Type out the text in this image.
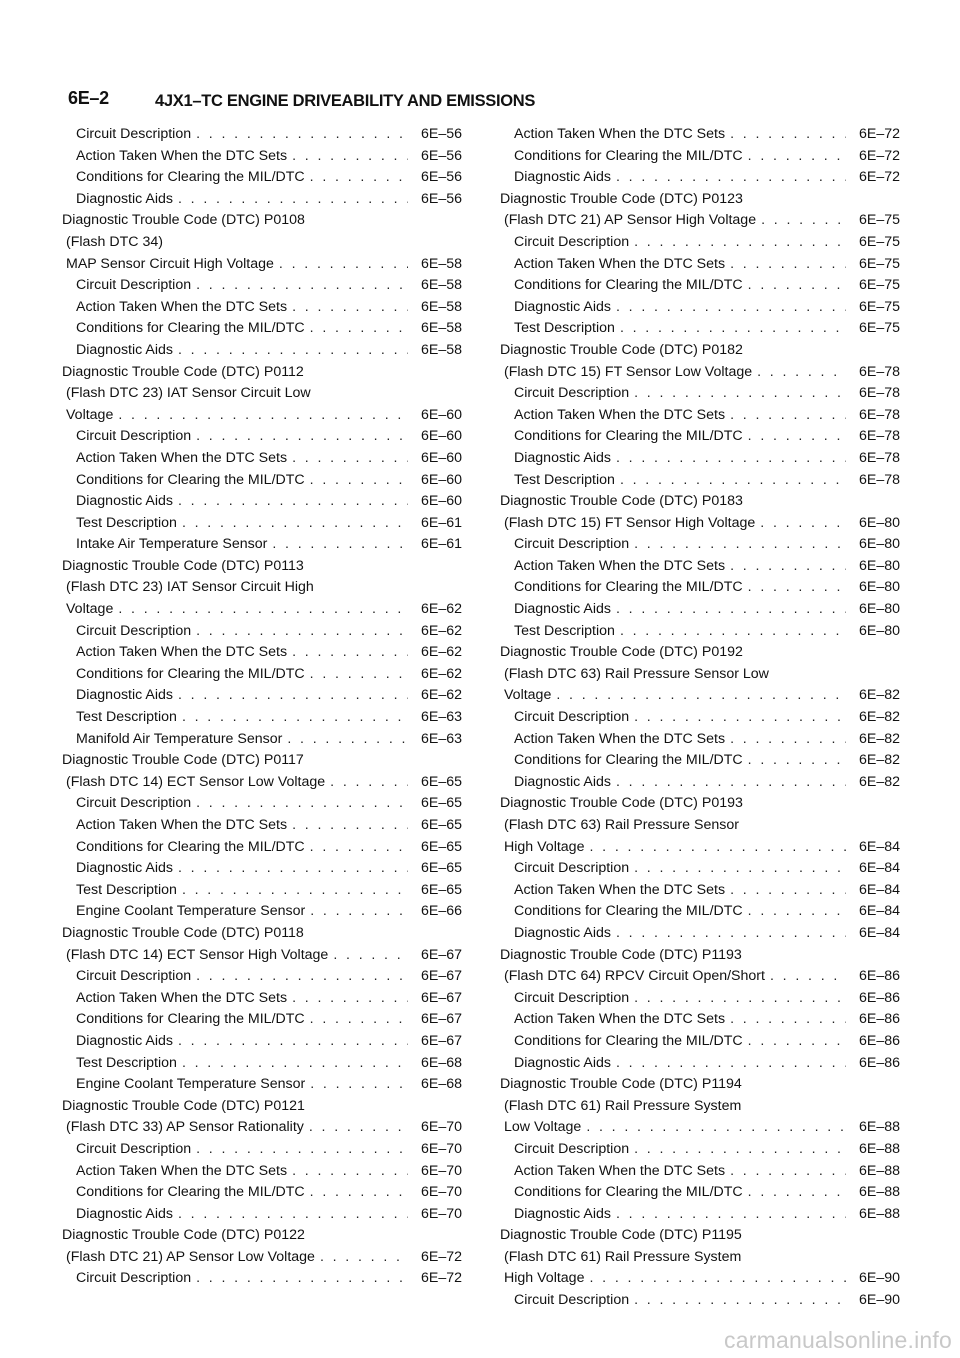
6E–2	4JX1–TC ENGINE DRIVEABILITY AND EMISSIONS
Circuit Description . . .	6E–56
Action Taken When the DTC Sets . . .	6E–56
Conditions for Clearing the MIL/DTC . . .	6E–56
Diagnostic Aids . . .	6E–56
Diagnostic Trouble Code (DTC) P0108
(Flash DTC 34)
MAP Sensor Circuit High Voltage . . .	6E–58
Circuit Description . . .	6E–58
Action Taken When the DTC Sets . . .	6E–58
Conditions for Clearing the MIL/DTC . . .	6E–58
Diagnostic Aids . . .	6E–58
Diagnostic Trouble Code (DTC) P0112
(Flash DTC 23) IAT Sensor Circuit Low
Voltage . . .	6E–60
Circuit Description . . .	6E–60
Action Taken When the DTC Sets . . .	6E–60
Conditions for Clearing the MIL/DTC . . .	6E–60
Diagnostic Aids . . .	6E–60
Test Description . . .	6E–61
Intake Air Temperature Sensor . . .	6E–61
Diagnostic Trouble Code (DTC) P0113
(Flash DTC 23) IAT Sensor Circuit High
Voltage . . .	6E–62
Circuit Description . . .	6E–62
Action Taken When the DTC Sets . . .	6E–62
Conditions for Clearing the MIL/DTC . . .	6E–62
Diagnostic Aids . . .	6E–62
Test Description . . .	6E–63
Manifold Air Temperature Sensor . . .	6E–63
Diagnostic Trouble Code (DTC) P0117
(Flash DTC 14) ECT Sensor Low Voltage . . .	6E–65
Circuit Description . . .	6E–65
Action Taken When the DTC Sets . . .	6E–65
Conditions for Clearing the MIL/DTC . . .	6E–65
Diagnostic Aids . . .	6E–65
Test Description . . .	6E–65
Engine Coolant Temperature Sensor . . .	6E–66
Diagnostic Trouble Code (DTC) P0118
(Flash DTC 14) ECT Sensor High Voltage . . .	6E–67
Circuit Description . . .	6E–67
Action Taken When the DTC Sets . . .	6E–67
Conditions for Clearing the MIL/DTC . . .	6E–67
Diagnostic Aids . . .	6E–67
Test Description . . .	6E–68
Engine Coolant Temperature Sensor . . .	6E–68
Diagnostic Trouble Code (DTC) P0121
(Flash DTC 33) AP Sensor Rationality . . .	6E–70
Circuit Description . . .	6E–70
Action Taken When the DTC Sets . . .	6E–70
Conditions for Clearing the MIL/DTC . . .	6E–70
Diagnostic Aids . . .	6E–70
Diagnostic Trouble Code (DTC) P0122
(Flash DTC 21) AP Sensor Low Voltage . . .	6E–72
Circuit Description . . .	6E–72
Action Taken When the DTC Sets . . .	6E–72
Conditions for Clearing the MIL/DTC . . .	6E–72
Diagnostic Aids . . .	6E–72
Diagnostic Trouble Code (DTC) P0123
(Flash DTC 21) AP Sensor High Voltage . . .	6E–75
Circuit Description . . .	6E–75
Action Taken When the DTC Sets . . .	6E–75
Conditions for Clearing the MIL/DTC . . .	6E–75
Diagnostic Aids . . .	6E–75
Test Description . . .	6E–75
Diagnostic Trouble Code (DTC) P0182
(Flash DTC 15) FT Sensor Low Voltage . . .	6E–78
Circuit Description . . .	6E–78
Action Taken When the DTC Sets . . .	6E–78
Conditions for Clearing the MIL/DTC . . .	6E–78
Diagnostic Aids . . .	6E–78
Test Description . . .	6E–78
Diagnostic Trouble Code (DTC) P0183
(Flash DTC 15) FT Sensor High Voltage . . .	6E–80
Circuit Description . . .	6E–80
Action Taken When the DTC Sets . . .	6E–80
Conditions for Clearing the MIL/DTC . . .	6E–80
Diagnostic Aids . . .	6E–80
Test Description . . .	6E–80
Diagnostic Trouble Code (DTC) P0192
(Flash DTC 63) Rail Pressure Sensor Low
Voltage . . .	6E–82
Circuit Description . . .	6E–82
Action Taken When the DTC Sets . . .	6E–82
Conditions for Clearing the MIL/DTC . . .	6E–82
Diagnostic Aids . . .	6E–82
Diagnostic Trouble Code (DTC) P0193
(Flash DTC 63) Rail Pressure Sensor
High Voltage . . .	6E–84
Circuit Description . . .	6E–84
Action Taken When the DTC Sets . . .	6E–84
Conditions for Clearing the MIL/DTC . . .	6E–84
Diagnostic Aids . . .	6E–84
Diagnostic Trouble Code (DTC) P1193
(Flash DTC 64) RPCV Circuit Open/Short . . .	6E–86
Circuit Description . . .	6E–86
Action Taken When the DTC Sets . . .	6E–86
Conditions for Clearing the MIL/DTC . . .	6E–86
Diagnostic Aids . . .	6E–86
Diagnostic Trouble Code (DTC) P1194
(Flash DTC 61) Rail Pressure System
Low Voltage . . .	6E–88
Circuit Description . . .	6E–88
Action Taken When the DTC Sets . . .	6E–88
Conditions for Clearing the MIL/DTC . . .	6E–88
Diagnostic Aids . . .	6E–88
Diagnostic Trouble Code (DTC) P1195
(Flash DTC 61) Rail Pressure System
High Voltage . . .	6E–90
Circuit Description . . .	6E–90
carmanualsonline.info
